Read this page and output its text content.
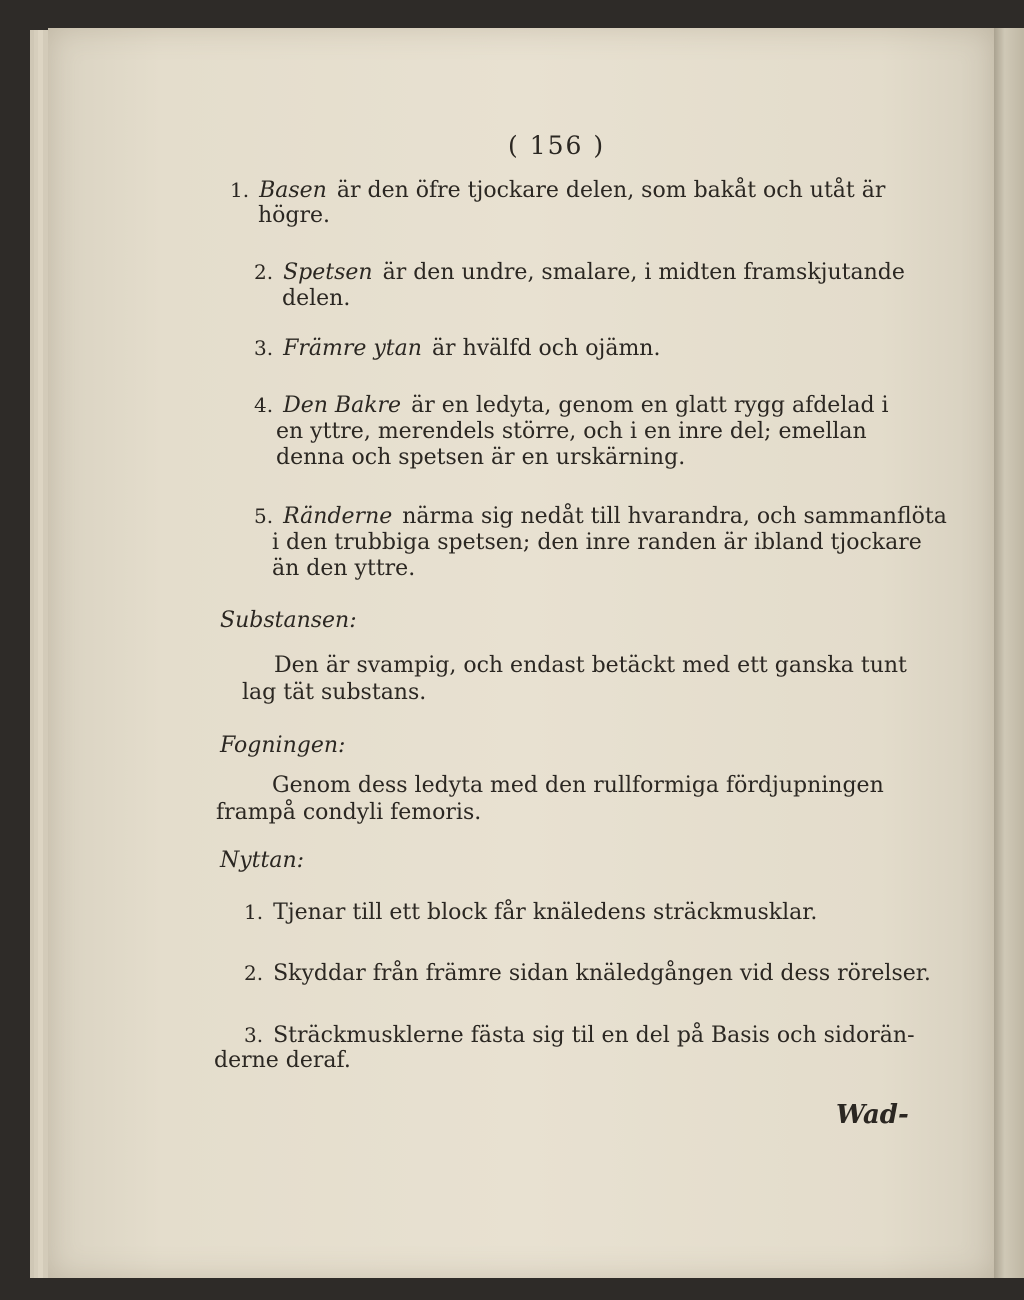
( 156 )
1. Basen är den öfre tjockare delen, som bakåt och utåt är
högre.
2. Spetsen är den undre, smalare, i midten framskjutande
delen.
3. Främre ytan är hvälfd och ojämn.
4. Den Bakre är en ledyta, genom en glatt rygg afdelad i
en yttre, merendels större, och i en inre del; emellan
denna och spetsen är en urskärning.
5. Ränderne närma sig nedåt till hvarandra, och sammanflöta
i den trubbiga spetsen; den inre randen är ibland tjockare
än den yttre.
Substansen:
Den är svampig, och endast betäckt med ett ganska tunt
lag tät substans.
Fogningen:
Genom dess ledyta med den rullformiga fördjupningen
frampå condyli femoris.
Nyttan:
1. Tjenar till ett block får knäledens sträckmusklar.
2. Skyddar från främre sidan knäledgången vid dess rörelser.
3. Sträckmusklerne fästa sig til en del på Basis och sidorän-
derne deraf.
Wad-
